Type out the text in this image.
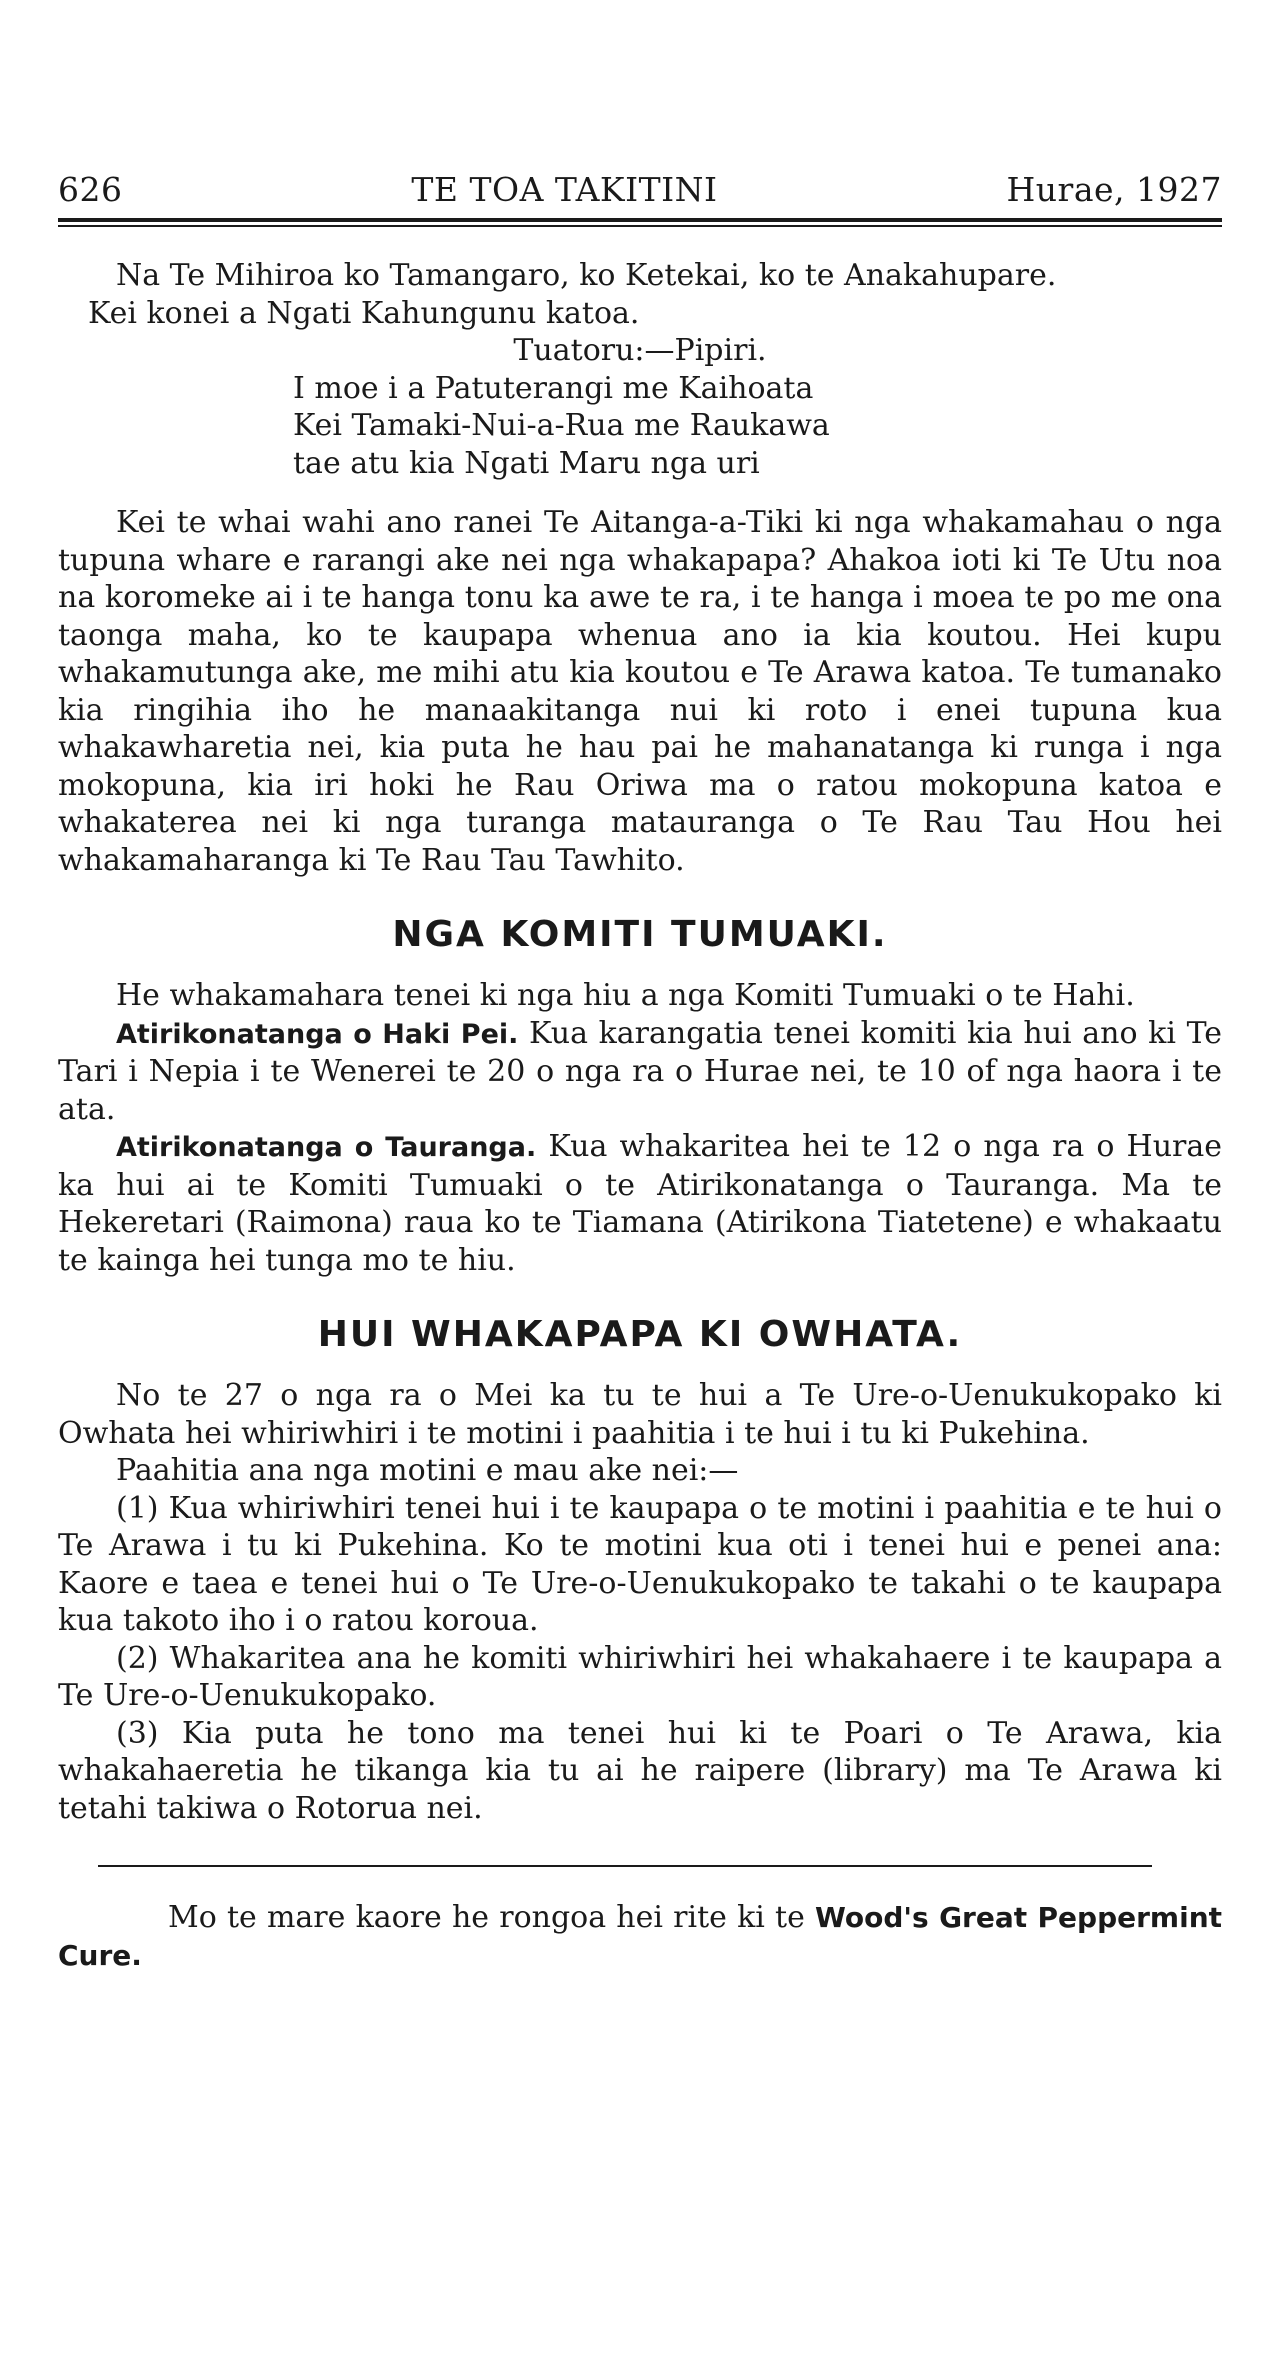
626	TE TOA TAKITINI	Hurae, 1927

Na Te Mihiroa ko Tamangaro, ko Ketekai, ko te Anakahupare.

Kei konei a Ngati Kahungunu katoa.

Tuatoru:—Pipiri.

I moe i a Patuterangi me Kaihoata

Kei Tamaki-Nui-a-Rua me Raukawa

tae atu kia Ngati Maru nga uri

Kei te whai wahi ano ranei Te Aitanga-a-Tiki ki nga whakamahau o nga tupuna whare e rarangi ake nei nga whakapapa? Ahakoa ioti ki Te Utu noa na koromeke ai i te hanga tonu ka awe te ra, i te hanga i moea te po me ona taonga maha, ko te kaupapa whenua ano ia kia koutou. Hei kupu whakamutunga ake, me mihi atu kia koutou e Te Arawa katoa. Te tumanako kia ringihia iho he manaakitanga nui ki roto i enei tupuna kua whakawharetia nei, kia puta he hau pai he mahanatanga ki runga i nga mokopuna, kia iri hoki he Rau Oriwa ma o ratou mokopuna katoa e whakaterea nei ki nga turanga matauranga o Te Rau Tau Hou hei whakamaharanga ki Te Rau Tau Tawhito.

NGA KOMITI TUMUAKI.

He whakamahara tenei ki nga hiu a nga Komiti Tumuaki o te Hahi.

Atirikonatanga o Haki Pei. Kua karangatia tenei komiti kia hui ano ki Te Tari i Nepia i te Wenerei te 20 o nga ra o Hurae nei, te 10 of nga haora i te ata.

Atirikonatanga o Tauranga. Kua whakaritea hei te 12 o nga ra o Hurae ka hui ai te Komiti Tumuaki o te Atirikonatanga o Tauranga. Ma te Hekeretari (Raimona) raua ko te Tiamana (Atirikona Tiatetene) e whakaatu te kainga hei tunga mo te hiu.

HUI WHAKAPAPA KI OWHATA.

No te 27 o nga ra o Mei ka tu te hui a Te Ure-o-Uenukukopako ki Owhata hei whiriwhiri i te motini i paahitia i te hui i tu ki Pukehina.

Paahitia ana nga motini e mau ake nei:—

(1) Kua whiriwhiri tenei hui i te kaupapa o te motini i paahitia e te hui o Te Arawa i tu ki Pukehina. Ko te motini kua oti i tenei hui e penei ana: Kaore e taea e tenei hui o Te Ure-o-Uenukukopako te takahi o te kaupapa kua takoto iho i o ratou koroua.

(2) Whakaritea ana he komiti whiriwhiri hei whakahaere i te kaupapa a Te Ure-o-Uenukukopako.

(3) Kia puta he tono ma tenei hui ki te Poari o Te Arawa, kia whakahaeretia he tikanga kia tu ai he raipere (library) ma Te Arawa ki tetahi takiwa o Rotorua nei.

Mo te mare kaore he rongoa hei rite ki te Wood's Great Peppermint Cure.
